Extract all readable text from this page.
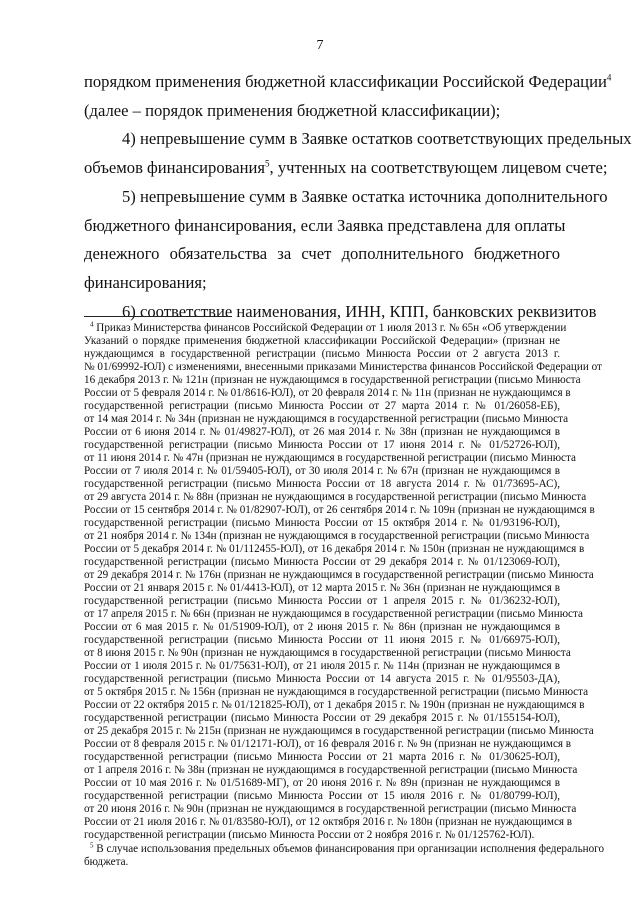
7
порядком применения бюджетной классификации Российской Федерации$^4$
(далее – порядок применения бюджетной классификации);
4) непревышение сумм в Заявке остатков соответствующих предельных
объемов финансирования$^5$, учтенных на соответствующем лицевом счете;
5) непревышение сумм в Заявке остатка источника дополнительного
бюджетного финансирования, если Заявка представлена для оплаты
денежного обязательства за счет дополнительного бюджетного
финансирования;
6) соответствие наименования, ИНН, КПП, банковских реквизитов
$^4$ Приказ Министерства финансов Российской Федерации от 1 июля 2013 г. № 65н «Об утверждении
Указаний о порядке применения бюджетной классификации Российской Федерации» (признан не
нуждающимся в государственной регистрации (письмо Минюста России от 2 августа 2013 г.
№ 01/69992-ЮЛ) с изменениями, внесенными приказами Министерства финансов Российской Федерации от
16 декабря 2013 г. № 121н (признан не нуждающимся в государственной регистрации (письмо Минюста
России от 5 февраля 2014 г. № 01/8616-ЮЛ), от 20 февраля 2014 г. № 11н (признан не нуждающимся в
государственной регистрации (письмо Минюста России от 27 марта 2014 г. № 01/26058-ЕБ),
от 14 мая 2014 г. № 34н (признан не нуждающимся в государственной регистрации (письмо Минюста
России от 6 июня 2014 г. № 01/49827-ЮЛ), от 26 мая 2014 г. № 38н (признан не нуждающимся в
государственной регистрации (письмо Минюста России от 17 июня 2014 г. № 01/52726-ЮЛ),
от 11 июня 2014 г. № 47н (признан не нуждающимся в государственной регистрации (письмо Минюста
России от 7 июля 2014 г. № 01/59405-ЮЛ), от 30 июля 2014 г. № 67н (признан не нуждающимся в
государственной регистрации (письмо Минюста России от 18 августа 2014 г. № 01/73695-АС),
от 29 августа 2014 г. № 88н (признан не нуждающимся в государственной регистрации (письмо Минюста
России от 15 сентября 2014 г. № 01/82907-ЮЛ), от 26 сентября 2014 г. № 109н (признан не нуждающимся в
государственной регистрации (письмо Минюста России от 15 октября 2014 г. № 01/93196-ЮЛ),
от 21 ноября 2014 г. № 134н (признан не нуждающимся в государственной регистрации (письмо Минюста
России от 5 декабря 2014 г. № 01/112455-ЮЛ), от 16 декабря 2014 г. № 150н (признан не нуждающимся в
государственной регистрации (письмо Минюста России от 29 декабря 2014 г. № 01/123069-ЮЛ),
от 29 декабря 2014 г. № 176н (признан не нуждающимся в государственной регистрации (письмо Минюста
России от 21 января 2015 г. № 01/4413-ЮЛ), от 12 марта 2015 г. № 36н (признан не нуждающимся в
государственной регистрации (письмо Минюста России от 1 апреля 2015 г. № 01/36232-ЮЛ),
от 17 апреля 2015 г. № 66н (признан не нуждающимся в государственной регистрации (письмо Минюста
России от 6 мая 2015 г. № 01/51909-ЮЛ), от 2 июня 2015 г. № 86н (признан не нуждающимся в
государственной регистрации (письмо Минюста России от 11 июня 2015 г. № 01/66975-ЮЛ),
от 8 июня 2015 г. № 90н (признан не нуждающимся в государственной регистрации (письмо Минюста
России от 1 июля 2015 г. № 01/75631-ЮЛ), от 21 июля 2015 г. № 114н (признан не нуждающимся в
государственной регистрации (письмо Минюста России от 14 августа 2015 г. № 01/95503-ДА),
от 5 октября 2015 г. № 156н (признан не нуждающимся в государственной регистрации (письмо Минюста
России от 22 октября 2015 г. № 01/121825-ЮЛ), от 1 декабря 2015 г. № 190н (признан не нуждающимся в
государственной регистрации (письмо Минюста России от 29 декабря 2015 г. № 01/155154-ЮЛ),
от 25 декабря 2015 г. № 215н (признан не нуждающимся в государственной регистрации (письмо Минюста
России от 8 февраля 2015 г. № 01/12171-ЮЛ), от 16 февраля 2016 г. № 9н (признан не нуждающимся в
государственной регистрации (письмо Минюста России от 21 марта 2016 г. № 01/30625-ЮЛ),
от 1 апреля 2016 г. № 38н (признан не нуждающимся в государственной регистрации (письмо Минюста
России от 10 мая 2016 г. № 01/51689-МГ), от 20 июня 2016 г. № 89н (признан не нуждающимся в
государственной регистрации (письмо Минюста России от 15 июля 2016 г. № 01/80799-ЮЛ),
от 20 июня 2016 г. № 90н (признан не нуждающимся в государственной регистрации (письмо Минюста
России от 21 июля 2016 г. № 01/83580-ЮЛ), от 12 октября 2016 г. № 180н (признан не нуждающимся в
государственной регистрации (письмо Минюста России от 2 ноября 2016 г. № 01/125762-ЮЛ).
$^5$ В случае использования предельных объемов финансирования при организации исполнения федерального
бюджета.
